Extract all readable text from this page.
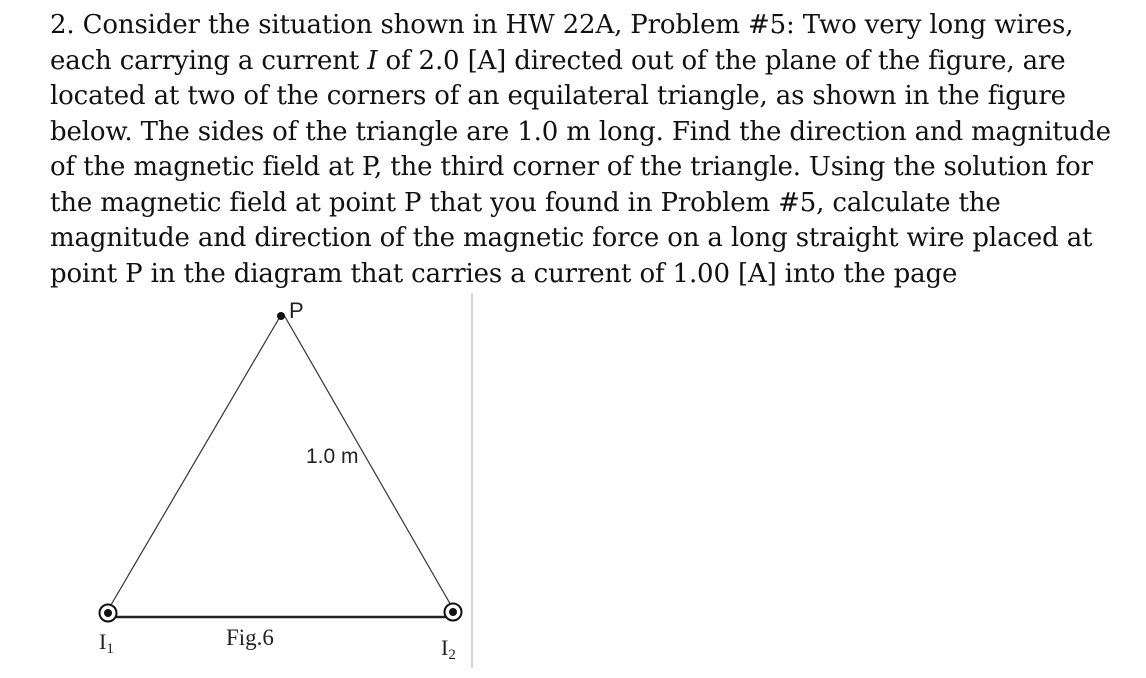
2. Consider the situation shown in HW 22A, Problem #5: Two very long wires, each carrying a current I of 2.0 [A] directed out of the plane of the figure, are located at two of the corners of an equilateral triangle, as shown in the figure below. The sides of the triangle are 1.0 m long. Find the direction and magnitude of the magnetic field at P, the third corner of the triangle. Using the solution for the magnetic field at point P that you found in Problem #5, calculate the magnitude and direction of the magnetic force on a long straight wire placed at point P in the diagram that carries a current of 1.00 [A] into the page

P
1.0 m
I1	I2
Fig.6
